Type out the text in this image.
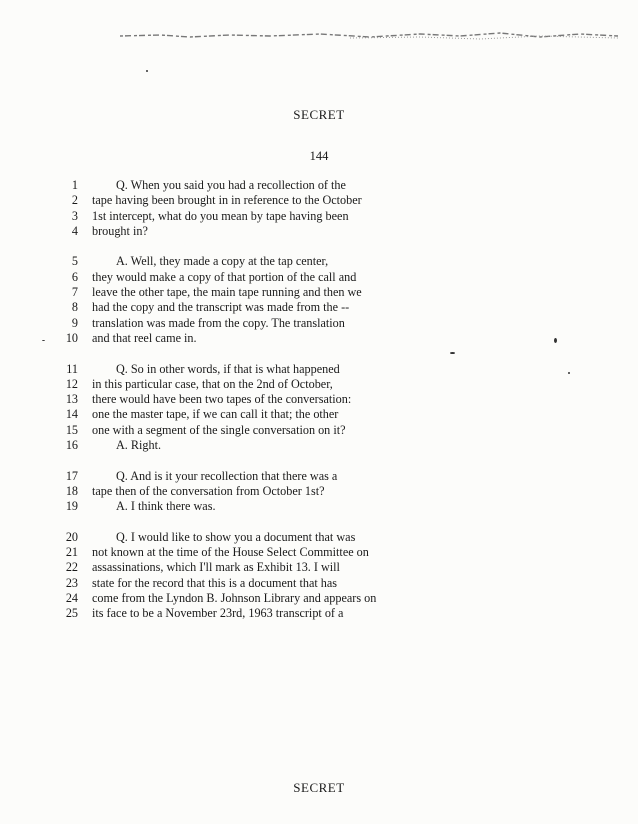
SECRET
144
1	Q. When you said you had a recollection of the
2 tape having been brought in in reference to the October
3 1st intercept, what do you mean by tape having been
4 brought in?
5	A. Well, they made a copy at the tap center,
6 they would make a copy of that portion of the call and
7 leave the other tape, the main tape running and then we
8 had the copy and the transcript was made from the --
9 translation was made from the copy. The translation
10 and that reel came in.
11	Q. So in other words, if that is what happened
12 in this particular case, that on the 2nd of October,
13 there would have been two tapes of the conversation:
14 one the master tape, if we can call it that; the other
15 one with a segment of the single conversation on it?
16	A. Right.
17	Q. And is it your recollection that there was a
18 tape then of the conversation from October 1st?
19	A. I think there was.
20	Q. I would like to show you a document that was
21 not known at the time of the House Select Committee on
22 assassinations, which I'll mark as Exhibit 13. I will
23 state for the record that this is a document that has
24 come from the Lyndon B. Johnson Library and appears on
25 its face to be a November 23rd, 1963 transcript of a
SECRET
